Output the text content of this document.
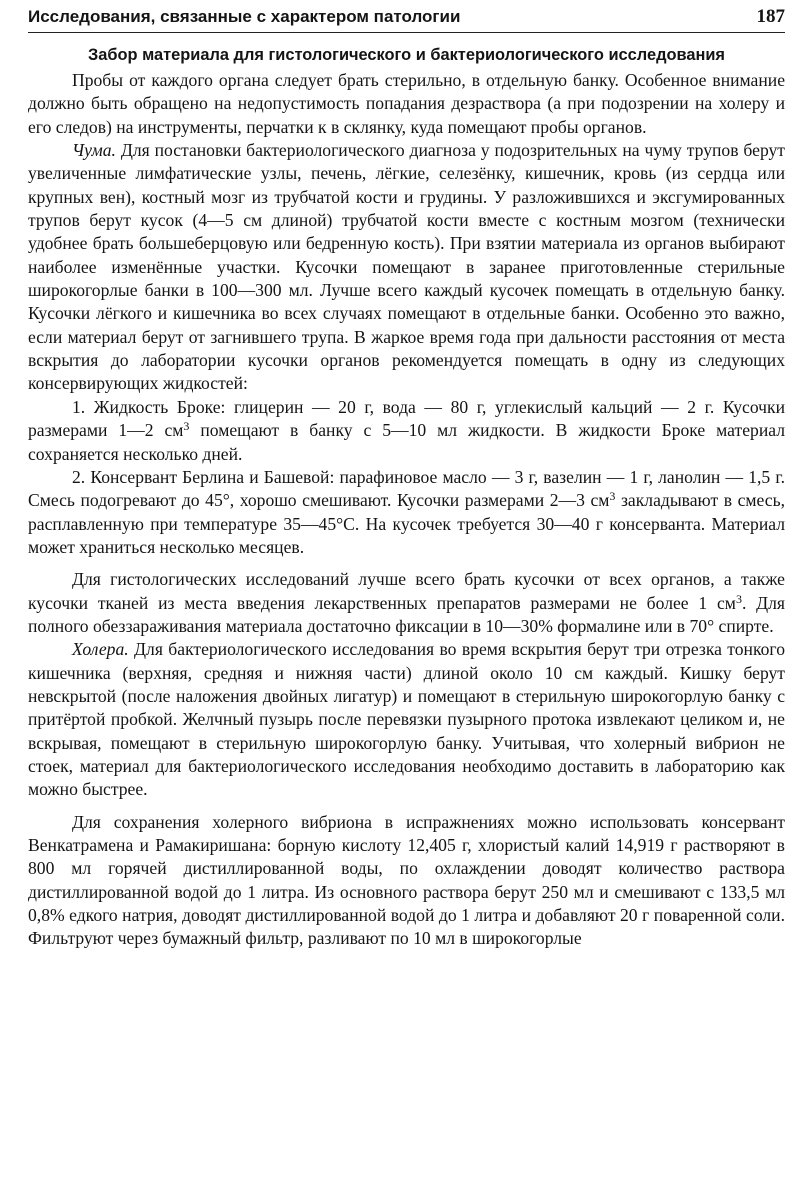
Исследования, связанные с характером патологии	187
Забор материала для гистологического и бактериологического исследования

Пробы от каждого органа следует брать стерильно, в отдельную банку. Особенное внимание должно быть обращено на недопустимость попадания дезраствора (а при подозрении на холеру и его следов) на инструменты, перчатки к в склянку, куда помещают пробы органов.

Чума. Для постановки бактериологического диагноза у подозрительных на чуму трупов берут увеличенные лимфатические узлы, печень, лёгкие, селезёнку, кишечник, кровь (из сердца или крупных вен), костный мозг из трубчатой кости и грудины. У разложившихся и эксгумированных трупов берут кусок (4—5 см длиной) трубчатой кости вместе с костным мозгом (технически удобнее брать большеберцовую или бедренную кость). При взятии материала из органов выбирают наиболее изменённые участки. Кусочки помещают в заранее приготовленные стерильные широкогорлые банки в 100—300 мл. Лучше всего каждый кусочек помещать в отдельную банку. Кусочки лёгкого и кишечника во всех случаях помещают в отдельные банки. Особенно это важно, если материал берут от загнившего трупа. В жаркое время года при дальности расстояния от места вскрытия до лаборатории кусочки органов рекомендуется помещать в одну из следующих консервирующих жидкостей:

1. Жидкость Броке: глицерин — 20 г, вода — 80 г, углекислый кальций — 2 г. Кусочки размерами 1—2 $см^3$ помещают в банку с 5—10 мл жидкости. В жидкости Броке материал сохраняется несколько дней.

2. Консервант Берлина и Башевой: парафиновое масло — 3 г, вазелин — 1 г, ланолин — 1,5 г. Смесь подогревают до 45°, хорошо смешивают. Кусочки размерами 2—3 $см^3$ закладывают в смесь, расплавленную при температуре 35—45°С. На кусочек требуется 30—40 г консерванта. Материал может храниться несколько месяцев.

Для гистологических исследований лучше всего брать кусочки от всех органов, а также кусочки тканей из места введения лекарственных препаратов размерами не более 1 $см^3$. Для полного обеззараживания материала достаточно фиксации в 10—30% формалине или в 70° спирте.

Холера. Для бактериологического исследования во время вскрытия берут три отрезка тонкого кишечника (верхняя, средняя и нижняя части) длиной около 10 см каждый. Кишку берут невскрытой (после наложения двойных лигатур) и помещают в стерильную широкогорлую банку с притёртой пробкой. Желчный пузырь после перевязки пузырного протока извлекают целиком и, не вскрывая, помещают в стерильную широкогорлую банку. Учитывая, что холерный вибрион не стоек, материал для бактериологического исследования необходимо доставить в лабораторию как можно быстрее.

Для сохранения холерного вибриона в испражнениях можно использовать консервант Венкатрамена и Рамакиришана: борную кислоту 12,405 г, хлористый калий 14,919 г растворяют в 800 мл горячей дистиллированной воды, по охлаждении доводят количество раствора дистиллированной водой до 1 литра. Из основного раствора берут 250 мл и смешивают с 133,5 мл 0,8% едкого натрия, доводят дистиллированной водой до 1 литра и добавляют 20 г поваренной соли. Фильтруют через бумажный фильтр, разливают по 10 мл в широкогорлые
